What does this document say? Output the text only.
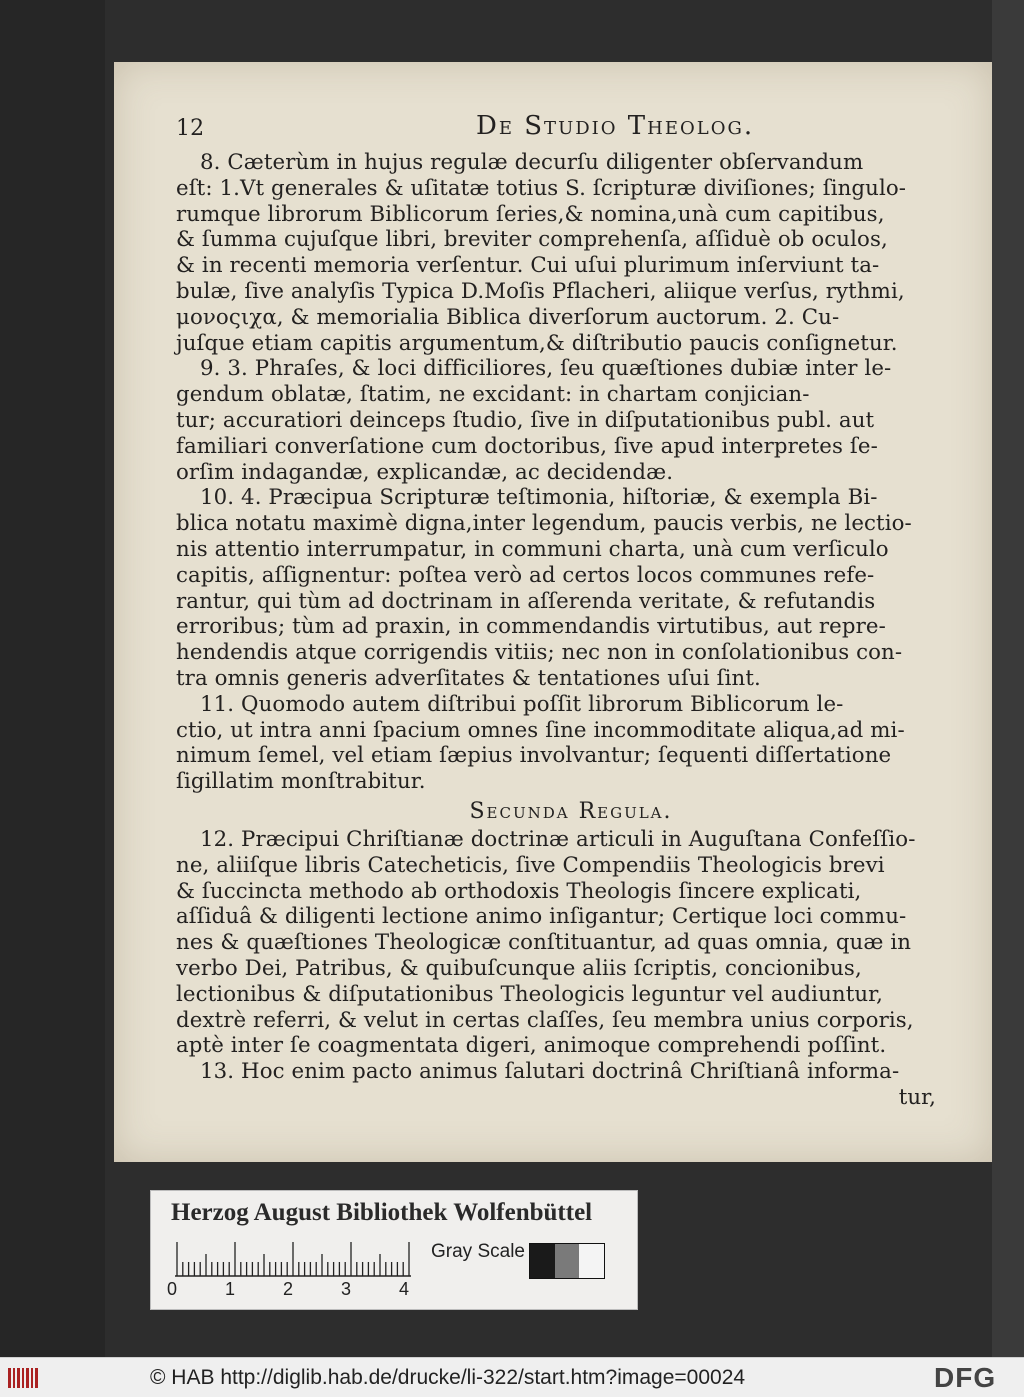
12	De Studio Theolog.
8. Cæterùm in hujus regulæ decurſu diligenter obſervandum
eſt: 1.Vt generales & uſitatæ totius S. ſcripturæ diviſiones; ſingulo-
rumque librorum Biblicorum ſeries,& nomina,unà cum capitibus,
& ſumma cujuſque libri, breviter comprehenſa, aſſiduè ob oculos,
& in recenti memoria verſentur. Cui uſui plurimum inſerviunt ta-
bulæ, ſive analyſis Typica D.Moſis Pflacheri, aliique verſus, rythmi,
μονοςιχα, & memorialia Biblica diverſorum auctorum. 2. Cu-
juſque etiam capitis argumentum,& diſtributio paucis conſignetur.
9. 3. Phraſes, & loci difficiliores, ſeu quæſtiones dubiæ inter le-
gendum oblatæ, ſtatim, ne excidant: in chartam conjician-
tur; accuratiori deinceps ſtudio, ſive in diſputationibus publ. aut
familiari converſatione cum doctoribus, ſive apud interpretes ſe-
orſim indagandæ, explicandæ, ac decidendæ.
10. 4. Præcipua Scripturæ teſtimonia, hiſtoriæ, & exempla Bi-
blica notatu maximè digna,inter legendum, paucis verbis, ne lectio-
nis attentio interrumpatur, in communi charta, unà cum verſiculo
capitis, aſſignentur: poſtea verò ad certos locos communes refe-
rantur, qui tùm ad doctrinam in aſſerenda veritate, & refutandis
erroribus; tùm ad praxin, in commendandis virtutibus, aut repre-
hendendis atque corrigendis vitiis; nec non in conſolationibus con-
tra omnis generis adverſitates & tentationes uſui ſint.
11. Quomodo autem diſtribui poſſit librorum Biblicorum le-
ctio, ut intra anni ſpacium omnes ſine incommoditate aliqua,ad mi-
nimum ſemel, vel etiam ſæpius involvantur; ſequenti diſſertatione
ſigillatim monſtrabitur.
Secunda Regula.
12. Præcipui Chriſtianæ doctrinæ articuli in Auguſtana Confeſſio-
ne, aliiſque libris Catecheticis, ſive Compendiis Theologicis brevi
& ſuccincta methodo ab orthodoxis Theologis ſincere explicati,
aſſiduâ & diligenti lectione animo inſigantur; Certique loci commu-
nes & quæſtiones Theologicæ conſtituantur, ad quas omnia, quæ in
verbo Dei, Patribus, & quibuſcunque aliis ſcriptis, concionibus,
lectionibus & diſputationibus Theologicis leguntur vel audiuntur,
dextrè referri, & velut in certas claſſes, ſeu membra unius corporis,
aptè inter ſe coagmentata digeri, animoque comprehendi poſſint.
13. Hoc enim pacto animus ſalutari doctrinâ Chriſtianâ informa-
tur,
Herzog August Bibliothek Wolfenbüttel
0	1	2	3	4
Gray Scale
© HAB http://diglib.hab.de/drucke/li-322/start.htm?image=00024	DFG
